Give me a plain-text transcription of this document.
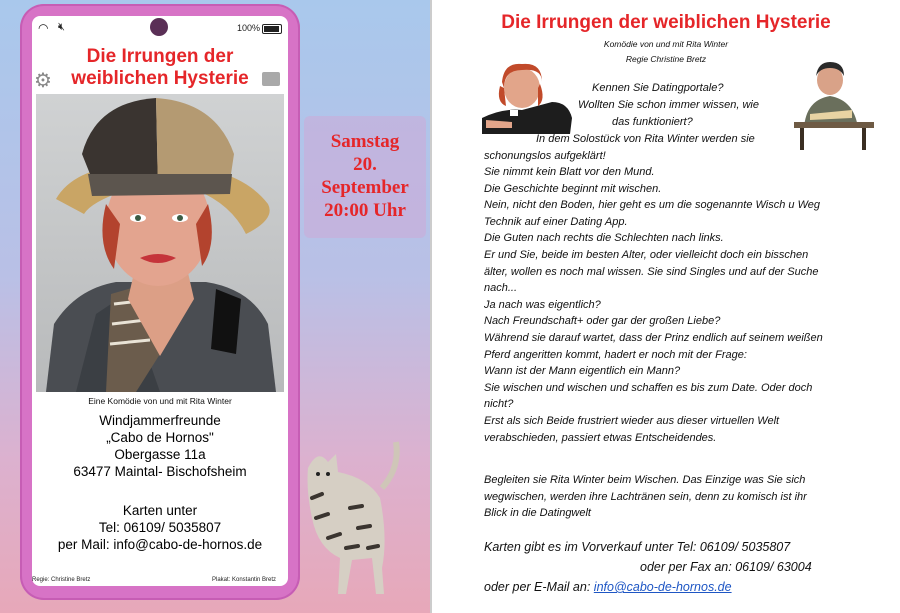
◠ 🔇︎	100%
Die Irrungen der
weiblichen Hysterie
⚙
Eine Komödie von und mit Rita Winter
Windjammerfreunde
„Cabo de Hornos"
Obergasse 11a
63477 Maintal- Bischofsheim
Karten unter
Tel: 06109/ 5035807
per Mail: info@cabo-de-hornos.de
Samstag
20.
September
20:00 Uhr
Regie: Christine Bretz	Plakat: Konstantin Bretz
Die Irrungen der weiblichen Hysterie
Komödie von und mit Rita Winter
Regie Christine Bretz
Kennen Sie Datingportale?
Wollten Sie schon immer wissen, wie
das funktioniert?
In dem Solostück von Rita Winter werden sie
schonungslos aufgeklärt!
Sie nimmt kein Blatt vor den Mund.
Die Geschichte beginnt mit wischen.
Nein, nicht den Boden, hier geht es um die sogenannte Wisch u Weg
Technik auf einer Dating App.
Die Guten nach rechts die Schlechten nach links.
Er und Sie, beide im besten Alter, oder vielleicht doch ein bisschen
älter, wollen es noch mal wissen. Sie sind Singles und auf der Suche
nach...
Ja nach was eigentlich?
Nach Freundschaft+ oder gar der großen Liebe?
Während sie darauf wartet, dass der Prinz endlich auf seinem weißen
Pferd angeritten kommt, hadert er noch mit der Frage:
Wann ist der Mann eigentlich ein Mann?
Sie wischen und wischen und schaffen es bis zum Date. Oder doch
nicht?
Erst als sich Beide frustriert wieder aus dieser virtuellen Welt
verabschieden, passiert etwas Entscheidendes.
Begleiten sie Rita Winter beim Wischen. Das Einzige was Sie sich
wegwischen, werden ihre Lachtränen sein, denn zu komisch ist ihr
Blick in die Datingwelt
Karten gibt es im Vorverkauf unter Tel: 06109/ 5035807
oder per Fax an: 06109/ 63004
oder per E-Mail an: info@cabo-de-hornos.de
